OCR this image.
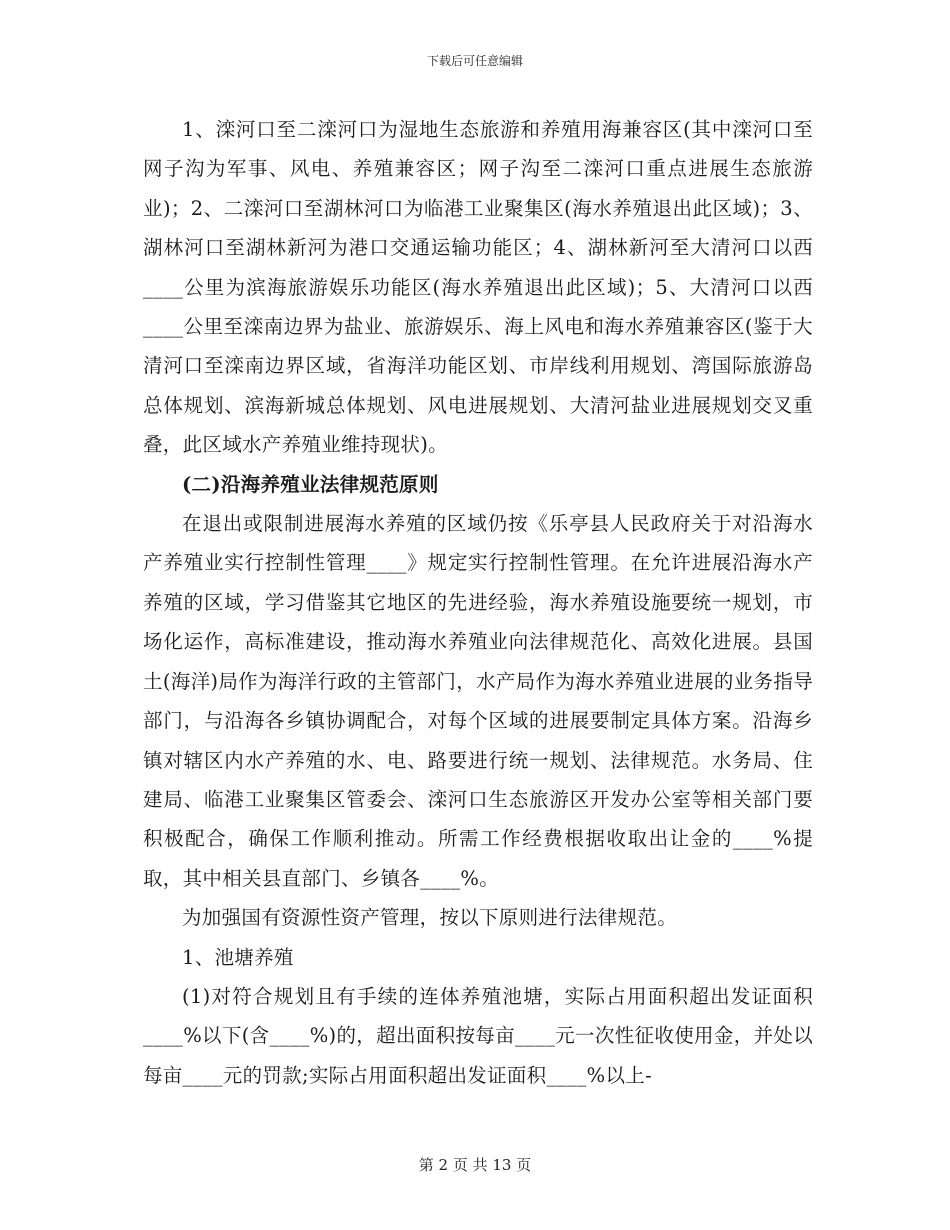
下载后可任意编辑

1、滦河口至二滦河口为湿地生态旅游和养殖用海兼容区(其中滦河口至网子沟为军事、风电、养殖兼容区；网子沟至二滦河口重点进展生态旅游业)；2、二滦河口至湖林河口为临港工业聚集区(海水养殖退出此区域)；3、湖林河口至湖林新河为港口交通运输功能区；4、湖林新河至大清河口以西____公里为滨海旅游娱乐功能区(海水养殖退出此区域)；5、大清河口以西____公里至滦南边界为盐业、旅游娱乐、海上风电和海水养殖兼容区(鉴于大清河口至滦南边界区域，省海洋功能区划、市岸线利用规划、湾国际旅游岛总体规划、滨海新城总体规划、风电进展规划、大清河盐业进展规划交叉重叠，此区域水产养殖业维持现状)。

(二)沿海养殖业法律规范原则

在退出或限制进展海水养殖的区域仍按《乐亭县人民政府关于对沿海水产养殖业实行控制性管理____》规定实行控制性管理。在允许进展沿海水产养殖的区域，学习借鉴其它地区的先进经验，海水养殖设施要统一规划，市场化运作，高标准建设，推动海水养殖业向法律规范化、高效化进展。县国土(海洋)局作为海洋行政的主管部门，水产局作为海水养殖业进展的业务指导部门，与沿海各乡镇协调配合，对每个区域的进展要制定具体方案。沿海乡镇对辖区内水产养殖的水、电、路要进行统一规划、法律规范。水务局、住建局、临港工业聚集区管委会、滦河口生态旅游区开发办公室等相关部门要积极配合，确保工作顺利推动。所需工作经费根据收取出让金的____%提取，其中相关县直部门、乡镇各____%。

为加强国有资源性资产管理，按以下原则进行法律规范。

1、池塘养殖

(1)对符合规划且有手续的连体养殖池塘，实际占用面积超出发证面积____%以下(含____%)的，超出面积按每亩____元一次性征收使用金，并处以每亩____元的罚款;实际占用面积超出发证面积____%以上-

第 2 页 共 13 页
